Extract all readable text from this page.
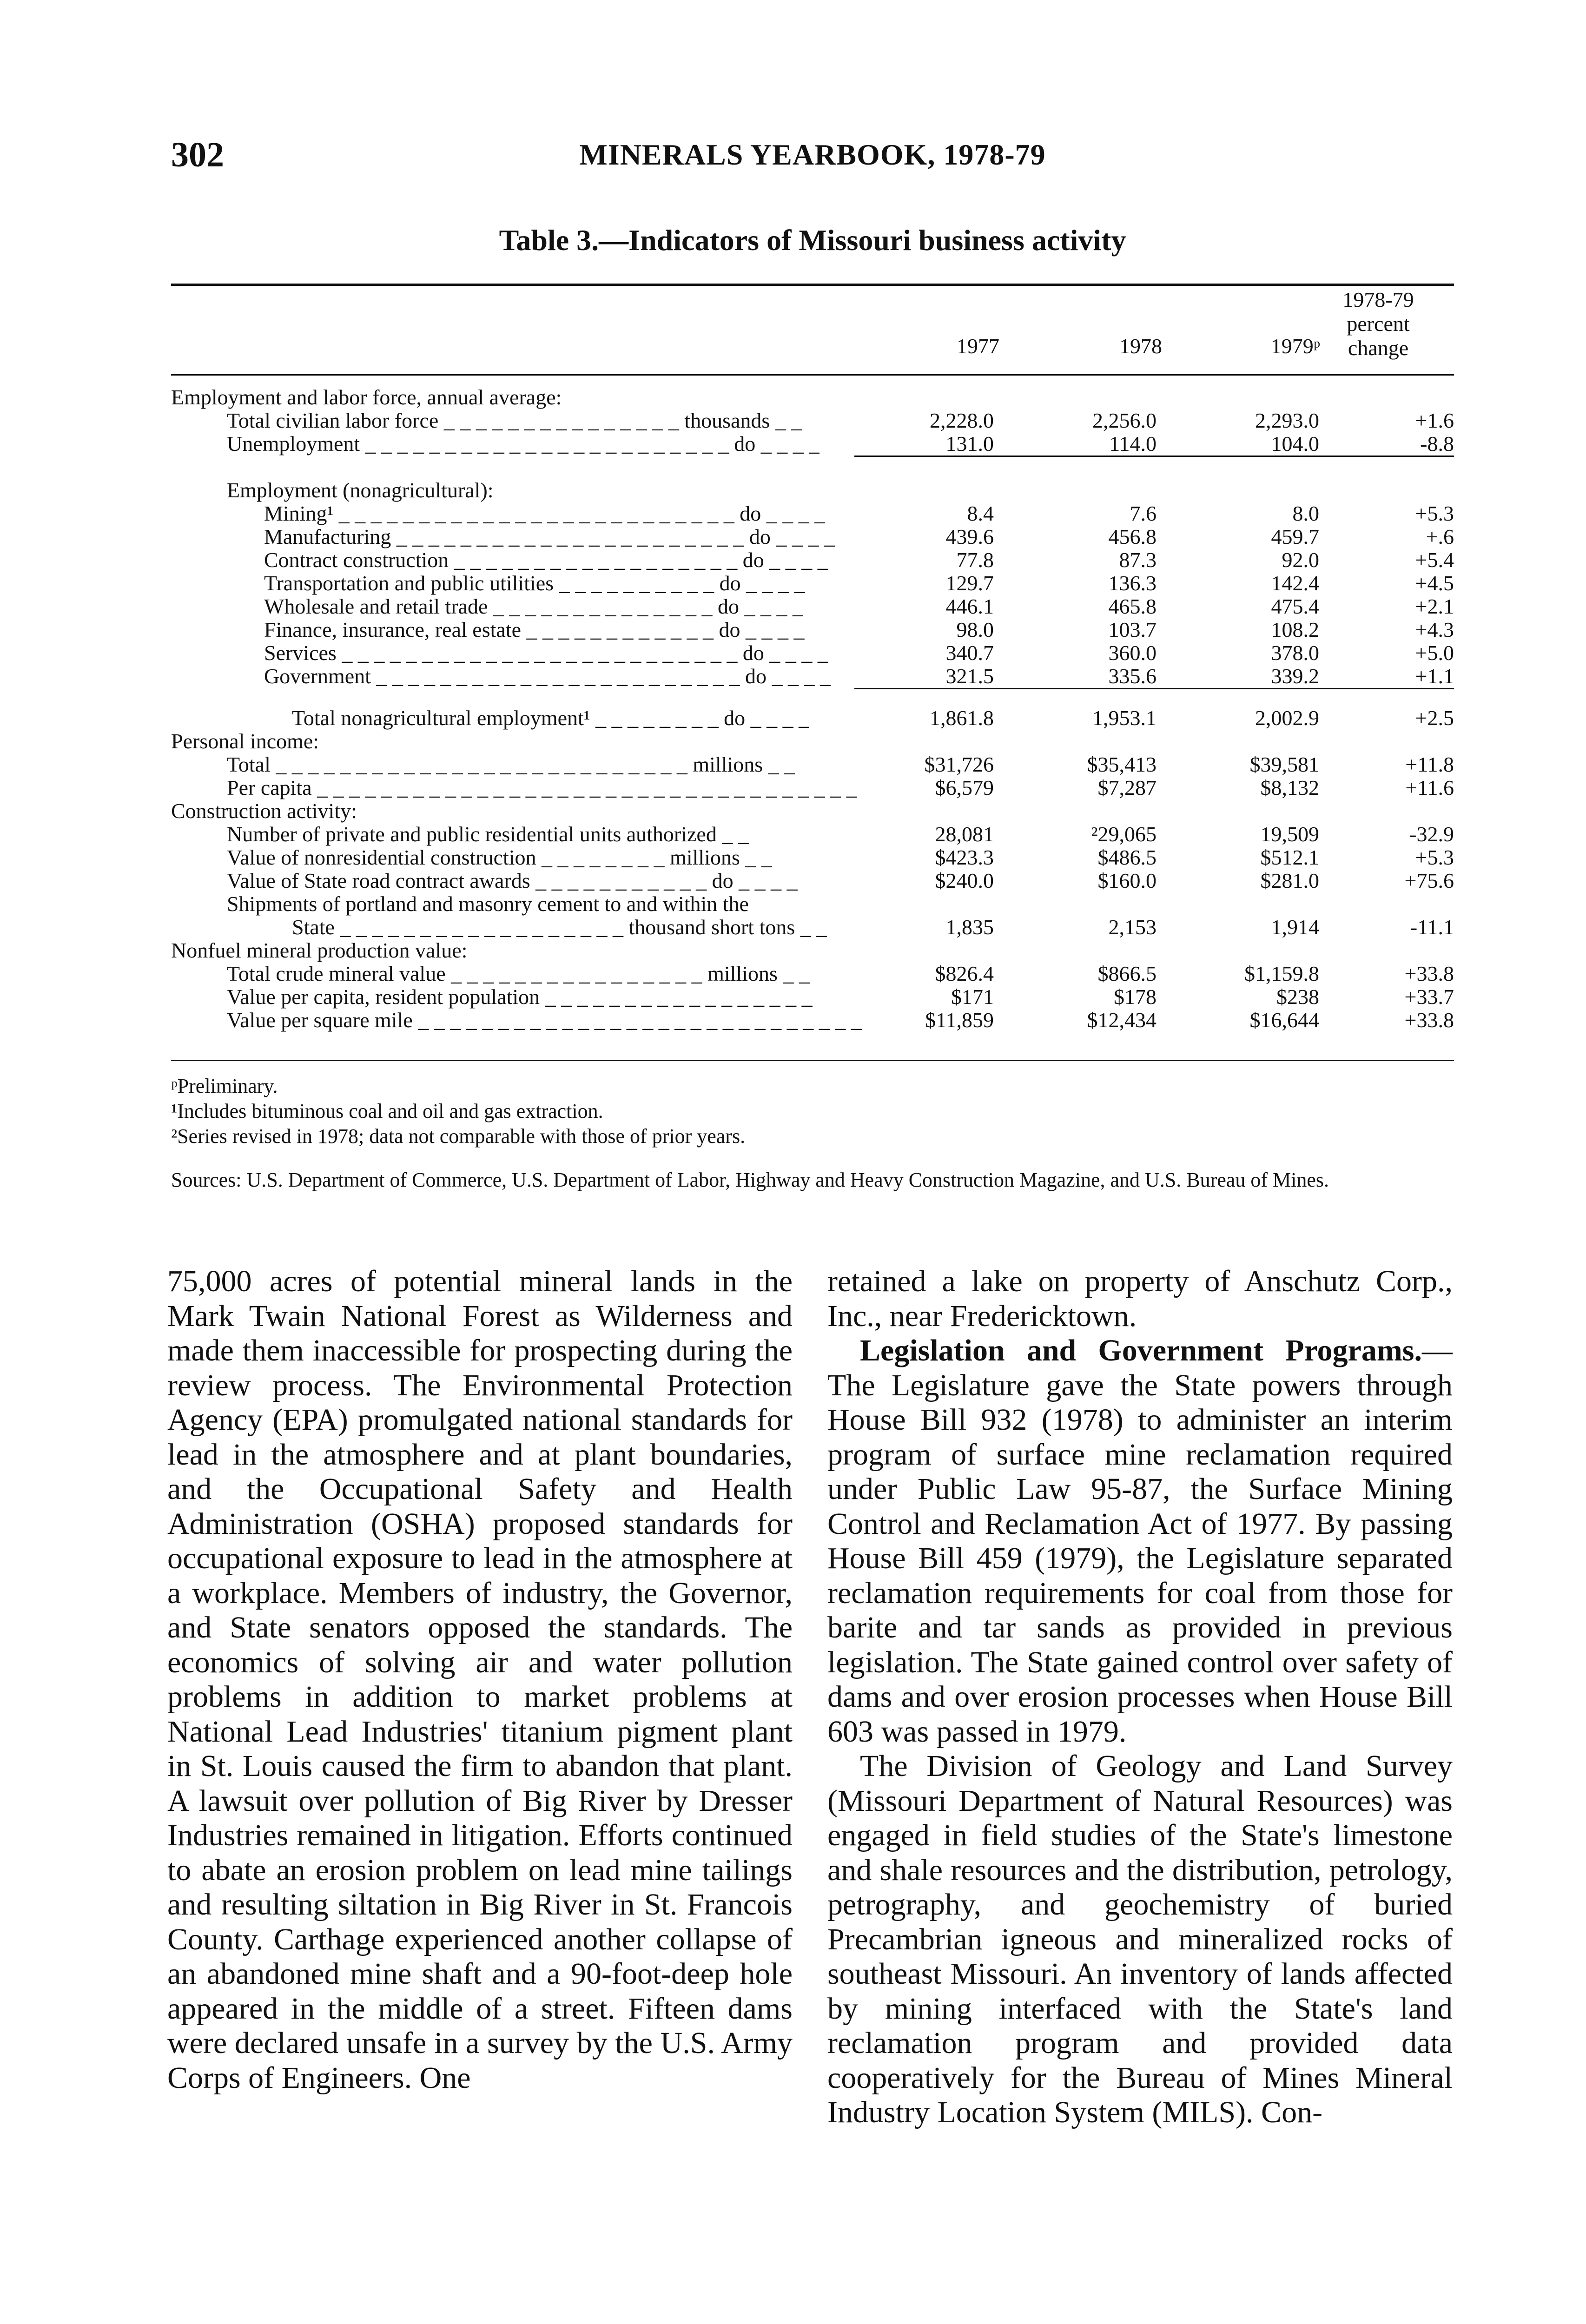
302	MINERALS YEARBOOK, 1978-79
Table 3.—Indicators of Missouri business activity
1977	1978	1979ᵖ
1978-79
percent
change
Employment and labor force, annual average:
Total civilian labor force _ _ _ _ _ _ _ _ _ _ _ _ _ _ _ thousands _ _	2,228.0	2,256.0	2,293.0	+1.6
Unemployment _ _ _ _ _ _ _ _ _ _ _ _ _ _ _ _ _ _ _ _ _ _ _ do _ _ _ _	131.0	114.0	104.0	-8.8
Employment (nonagricultural):
Mining¹ _ _ _ _ _ _ _ _ _ _ _ _ _ _ _ _ _ _ _ _ _ _ _ _ _ do _ _ _ _	8.4	7.6	8.0	+5.3
Manufacturing _ _ _ _ _ _ _ _ _ _ _ _ _ _ _ _ _ _ _ _ _ _ do _ _ _ _	439.6	456.8	459.7	+.6
Contract construction _ _ _ _ _ _ _ _ _ _ _ _ _ _ _ _ _ _ do _ _ _ _	77.8	87.3	92.0	+5.4
Transportation and public utilities _ _ _ _ _ _ _ _ _ _ do _ _ _ _	129.7	136.3	142.4	+4.5
Wholesale and retail trade _ _ _ _ _ _ _ _ _ _ _ _ _ _ do _ _ _ _	446.1	465.8	475.4	+2.1
Finance, insurance, real estate _ _ _ _ _ _ _ _ _ _ _ _ do _ _ _ _	98.0	103.7	108.2	+4.3
Services _ _ _ _ _ _ _ _ _ _ _ _ _ _ _ _ _ _ _ _ _ _ _ _ _ do _ _ _ _	340.7	360.0	378.0	+5.0
Government _ _ _ _ _ _ _ _ _ _ _ _ _ _ _ _ _ _ _ _ _ _ _ do _ _ _ _	321.5	335.6	339.2	+1.1
Total nonagricultural employment¹ _ _ _ _ _ _ _ _ do _ _ _ _	1,861.8	1,953.1	2,002.9	+2.5
Personal income:
Total _ _ _ _ _ _ _ _ _ _ _ _ _ _ _ _ _ _ _ _ _ _ _ _ _ _ millions _ _	$31,726	$35,413	$39,581	+11.8
Per capita _ _ _ _ _ _ _ _ _ _ _ _ _ _ _ _ _ _ _ _ _ _ _ _ _ _ _ _ _ _ _ _ _ _	$6,579	$7,287	$8,132	+11.6
Construction activity:
Number of private and public residential units authorized _ _	28,081	²29,065	19,509	-32.9
Value of nonresidential construction _ _ _ _ _ _ _ _ millions _ _	$423.3	$486.5	$512.1	+5.3
Value of State road contract awards _ _ _ _ _ _ _ _ _ _ _ do _ _ _ _	$240.0	$160.0	$281.0	+75.6
Shipments of portland and masonry cement to and within the
State _ _ _ _ _ _ _ _ _ _ _ _ _ _ _ _ _ _ thousand short tons _ _	1,835	2,153	1,914	-11.1
Nonfuel mineral production value:
Total crude mineral value _ _ _ _ _ _ _ _ _ _ _ _ _ _ _ _ millions _ _	$826.4	$866.5	$1,159.8	+33.8
Value per capita, resident population _ _ _ _ _ _ _ _ _ _ _ _ _ _ _ _ _	$171	$178	$238	+33.7
Value per square mile _ _ _ _ _ _ _ _ _ _ _ _ _ _ _ _ _ _ _ _ _ _ _ _ _ _ _ _	$11,859	$12,434	$16,644	+33.8

ᵖPreliminary.

¹Includes bituminous coal and oil and gas extraction.

²Series revised in 1978; data not comparable with those of prior years.

Sources: U.S. Department of Commerce, U.S. Department of Labor, Highway and Heavy Construction Magazine, and U.S. Bureau of Mines.

75,000 acres of potential mineral lands in the Mark Twain National Forest as Wilderness and made them inaccessible for prospecting during the review process. The Environmental Protection Agency (EPA) promulgated national standards for lead in the atmosphere and at plant boundaries, and the Occupational Safety and Health Administration (OSHA) proposed standards for occupational exposure to lead in the atmosphere at a workplace. Members of industry, the Governor, and State senators opposed the standards. The economics of solving air and water pollution problems in addition to market problems at National Lead Industries' titanium pigment plant in St. Louis caused the firm to abandon that plant. A lawsuit over pollution of Big River by Dresser Industries remained in litigation. Efforts continued to abate an erosion problem on lead mine tailings and resulting siltation in Big River in St. Francois County. Carthage experienced another collapse of an abandoned mine shaft and a 90-foot-deep hole appeared in the middle of a street. Fifteen dams were declared unsafe in a survey by the U.S. Army Corps of Engineers. One

retained a lake on property of Anschutz Corp., Inc., near Fredericktown.

Legislation and Government Programs.—The Legislature gave the State powers through House Bill 932 (1978) to administer an interim program of surface mine reclamation required under Public Law 95-87, the Surface Mining Control and Reclamation Act of 1977. By passing House Bill 459 (1979), the Legislature separated reclamation requirements for coal from those for barite and tar sands as provided in previous legislation. The State gained control over safety of dams and over erosion processes when House Bill 603 was passed in 1979.

The Division of Geology and Land Survey (Missouri Department of Natural Resources) was engaged in field studies of the State's limestone and shale resources and the distribution, petrology, petrography, and geochemistry of buried Precambrian igneous and mineralized rocks of southeast Missouri. An inventory of lands affected by mining interfaced with the State's land reclamation program and provided data cooperatively for the Bureau of Mines Mineral Industry Location System (MILS). Con-
